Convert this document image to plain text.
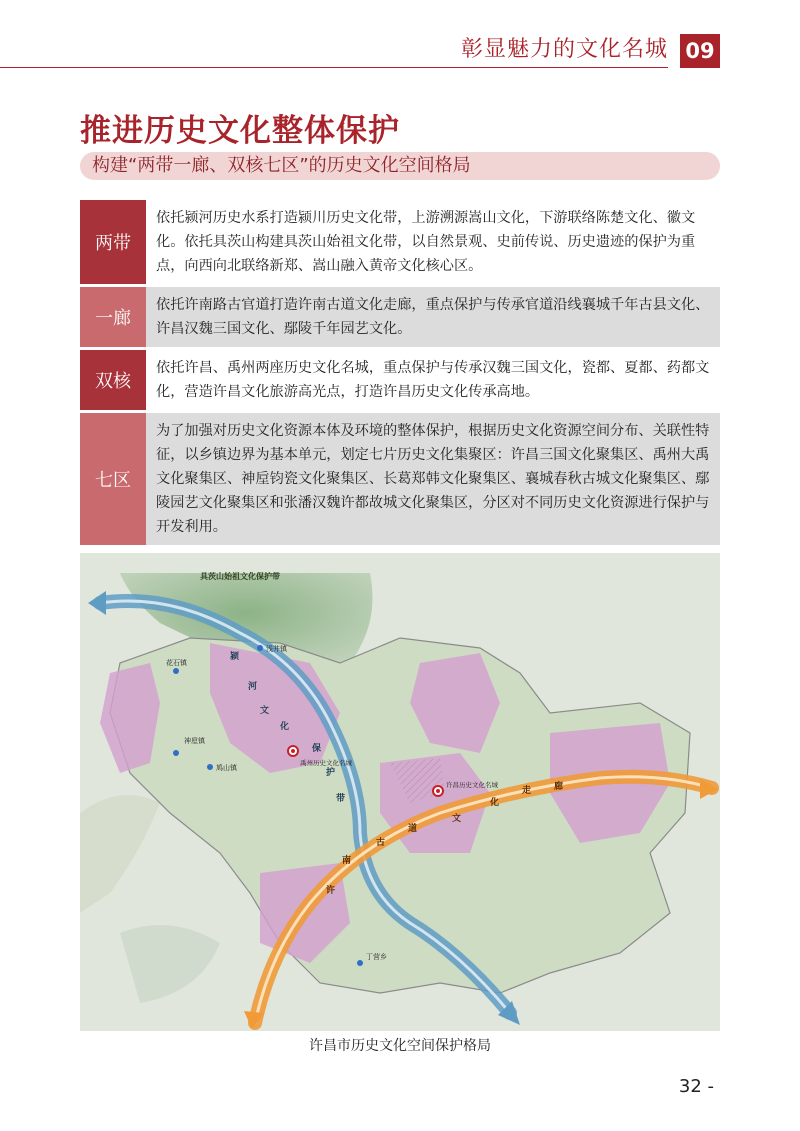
彰显魅力的文化名城 09
推进历史文化整体保护
构建“两带一廊、双核七区”的历史文化空间格局
两带
依托颍河历史水系打造颍川历史文化带，上游溯源嵩山文化，下游联络陈楚文化、徽文化。依托具茨山构建具茨山始祖文化带，以自然景观、史前传说、历史遗迹的保护为重点，向西向北联络新郑、嵩山融入黄帝文化核心区。
一廊
依托许南路古官道打造许南古道文化走廊，重点保护与传承官道沿线襄城千年古县文化、许昌汉魏三国文化、鄢陵千年园艺文化。
双核
依托许昌、禹州两座历史文化名城，重点保护与传承汉魏三国文化，瓷都、夏都、药都文化，营造许昌文化旅游高光点，打造许昌历史文化传承高地。
七区
为了加强对历史文化资源本体及环境的整体保护，根据历史文化资源空间分布、关联性特征，以乡镇边界为基本单元，划定七片历史文化集聚区：许昌三国文化聚集区、禹州大禹文化聚集区、神垕钧瓷文化聚集区、长葛郑韩文化聚集区、襄城春秋古城文化聚集区、鄢陵园艺文化聚集区和张潘汉魏许都故城文化聚集区，分区对不同历史文化资源进行保护与开发利用。
具茨山始祖文化保护带
颍
河
文
化
保
护
带
许
南
古
道
文
化
走	廊
禹州历史文化名城
许昌历史文化名城
浅井镇
花石镇
鸠山镇
神垕镇
丁营乡
许昌市历史文化空间保护格局
32 -
